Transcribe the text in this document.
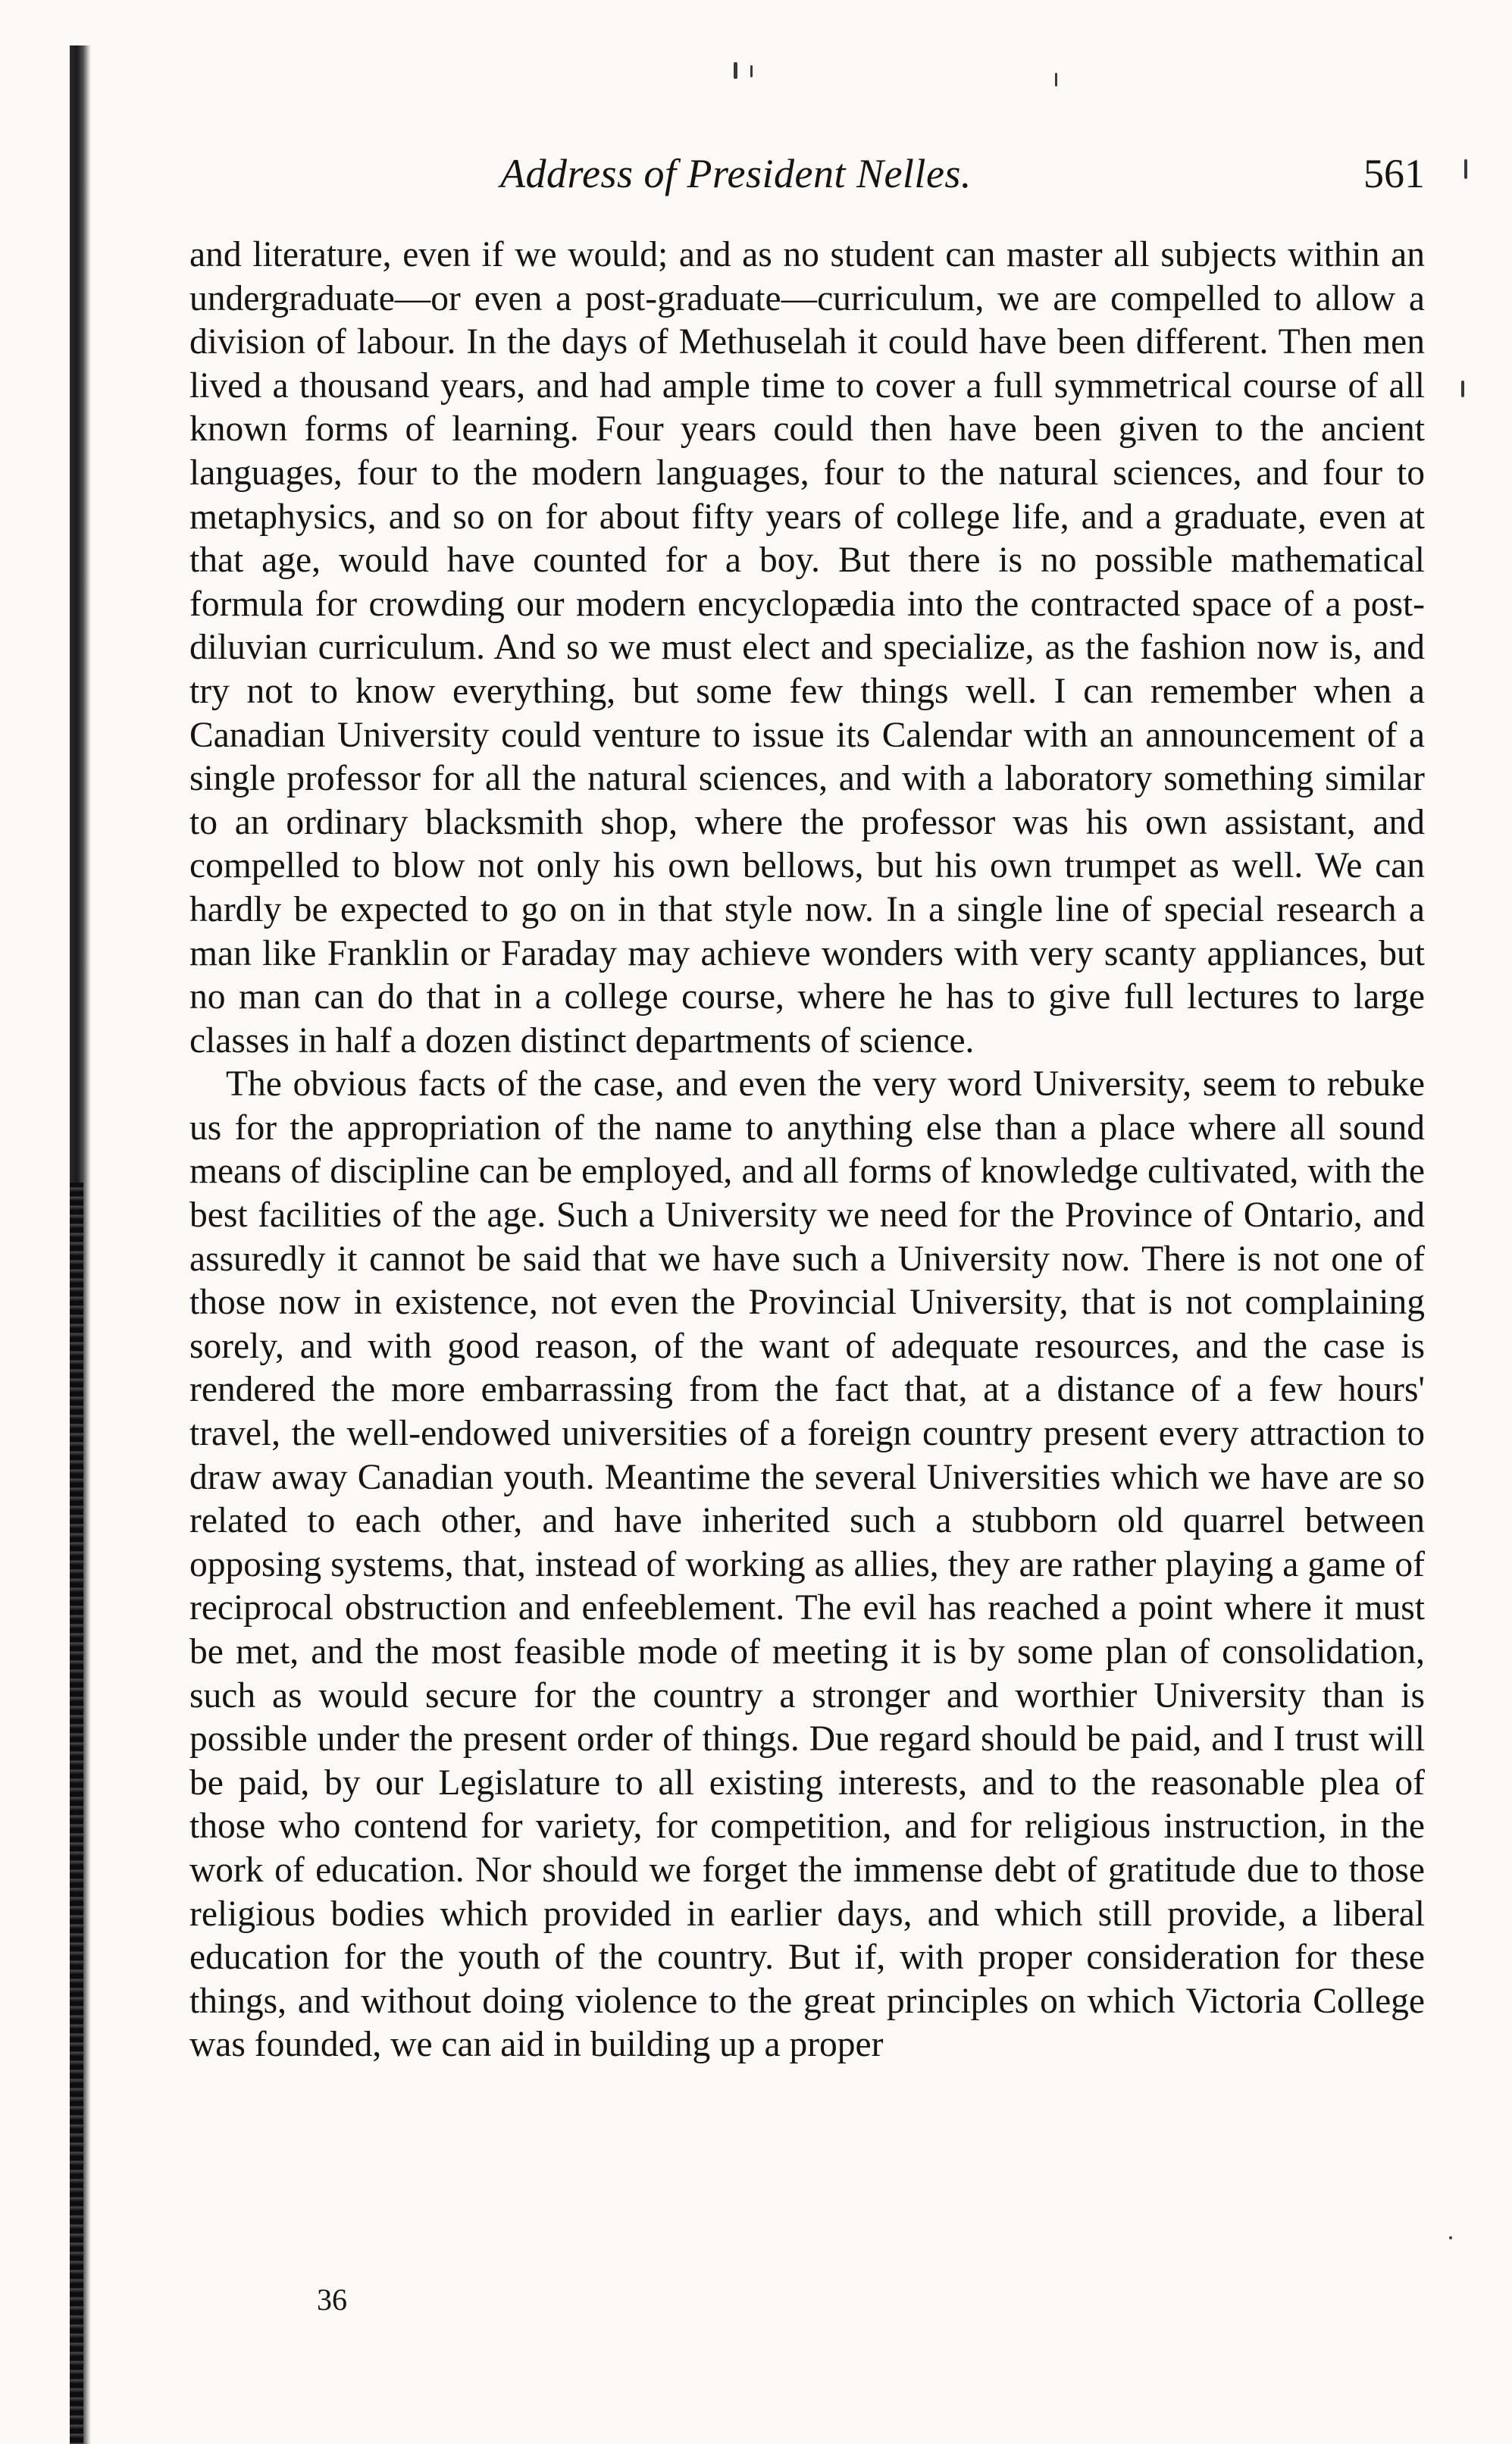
Address of President Nelles.	561

and literature, even if we would; and as no student can master all subjects within an undergraduate—or even a post-graduate—curriculum, we are compelled to allow a division of labour. In the days of Methuselah it could have been different. Then men lived a thousand years, and had ample time to cover a full symmetrical course of all known forms of learning. Four years could then have been given to the ancient languages, four to the modern languages, four to the natural sciences, and four to metaphysics, and so on for about fifty years of college life, and a graduate, even at that age, would have counted for a boy. But there is no possible mathematical formula for crowding our modern encyclopædia into the contracted space of a post-diluvian curriculum. And so we must elect and specialize, as the fashion now is, and try not to know everything, but some few things well. I can remember when a Canadian University could venture to issue its Calendar with an announcement of a single professor for all the natural sciences, and with a laboratory something similar to an ordinary blacksmith shop, where the professor was his own assistant, and compelled to blow not only his own bellows, but his own trumpet as well. We can hardly be expected to go on in that style now. In a single line of special research a man like Franklin or Faraday may achieve wonders with very scanty appliances, but no man can do that in a college course, where he has to give full lectures to large classes in half a dozen distinct departments of science.

The obvious facts of the case, and even the very word University, seem to rebuke us for the appropriation of the name to anything else than a place where all sound means of discipline can be employed, and all forms of knowledge cultivated, with the best facilities of the age. Such a University we need for the Province of Ontario, and assuredly it cannot be said that we have such a University now. There is not one of those now in existence, not even the Provincial University, that is not complaining sorely, and with good reason, of the want of adequate resources, and the case is rendered the more embarrassing from the fact that, at a distance of a few hours' travel, the well-endowed universities of a foreign country present every attraction to draw away Canadian youth. Meantime the several Universities which we have are so related to each other, and have inherited such a stubborn old quarrel between opposing systems, that, instead of working as allies, they are rather playing a game of reciprocal obstruction and enfeeblement. The evil has reached a point where it must be met, and the most feasible mode of meeting it is by some plan of consolidation, such as would secure for the country a stronger and worthier University than is possible under the present order of things. Due regard should be paid, and I trust will be paid, by our Legislature to all existing interests, and to the reasonable plea of those who contend for variety, for competition, and for religious instruction, in the work of education. Nor should we forget the immense debt of gratitude due to those religious bodies which provided in earlier days, and which still provide, a liberal education for the youth of the country. But if, with proper consideration for these things, and without doing violence to the great principles on which Victoria College was founded, we can aid in building up a proper

36
